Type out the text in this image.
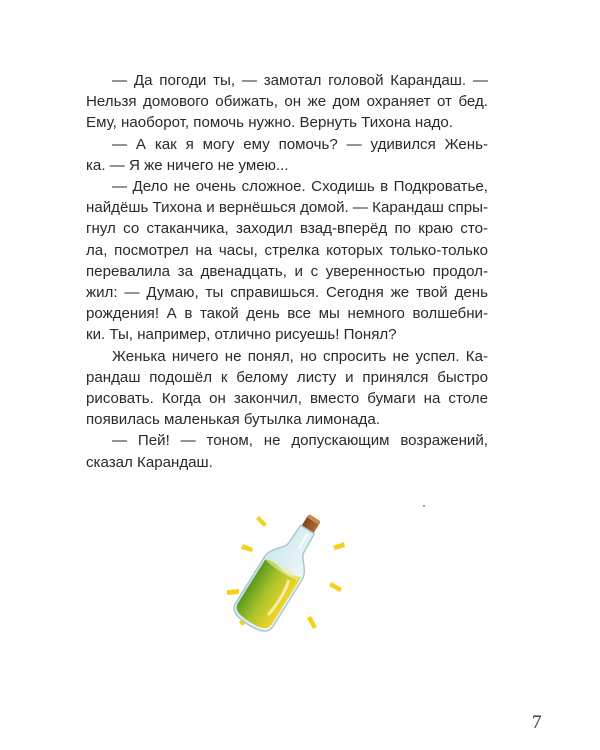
— Да погоди ты, — замотал головой Карандаш. —
Нельзя домового обижать, он же дом охраняет от бед.
Ему, наоборот, помочь нужно. Вернуть Тихона надо.
— А как я могу ему помочь? — удивился Жень-
ка. — Я же ничего не умею...
— Дело не очень сложное. Сходишь в Подкроватье,
найдёшь Тихона и вернёшься домой. — Карандаш спры-
гнул со стаканчика, заходил взад-вперёд по краю сто-
ла, посмотрел на часы, стрелка которых только-только
перевалила за двенадцать, и с уверенностью продол-
жил: — Думаю, ты справишься. Сегодня же твой день
рождения! А в такой день все мы немного волшебни-
ки. Ты, например, отлично рисуешь! Понял?
Женька ничего не понял, но спросить не успел. Ка-
рандаш подошёл к белому листу и принялся быстро
рисовать. Когда он закончил, вместо бумаги на столе
появилась маленькая бутылка лимонада.
— Пей! — тоном, не допускающим возражений,
сказал Карандаш.
7
